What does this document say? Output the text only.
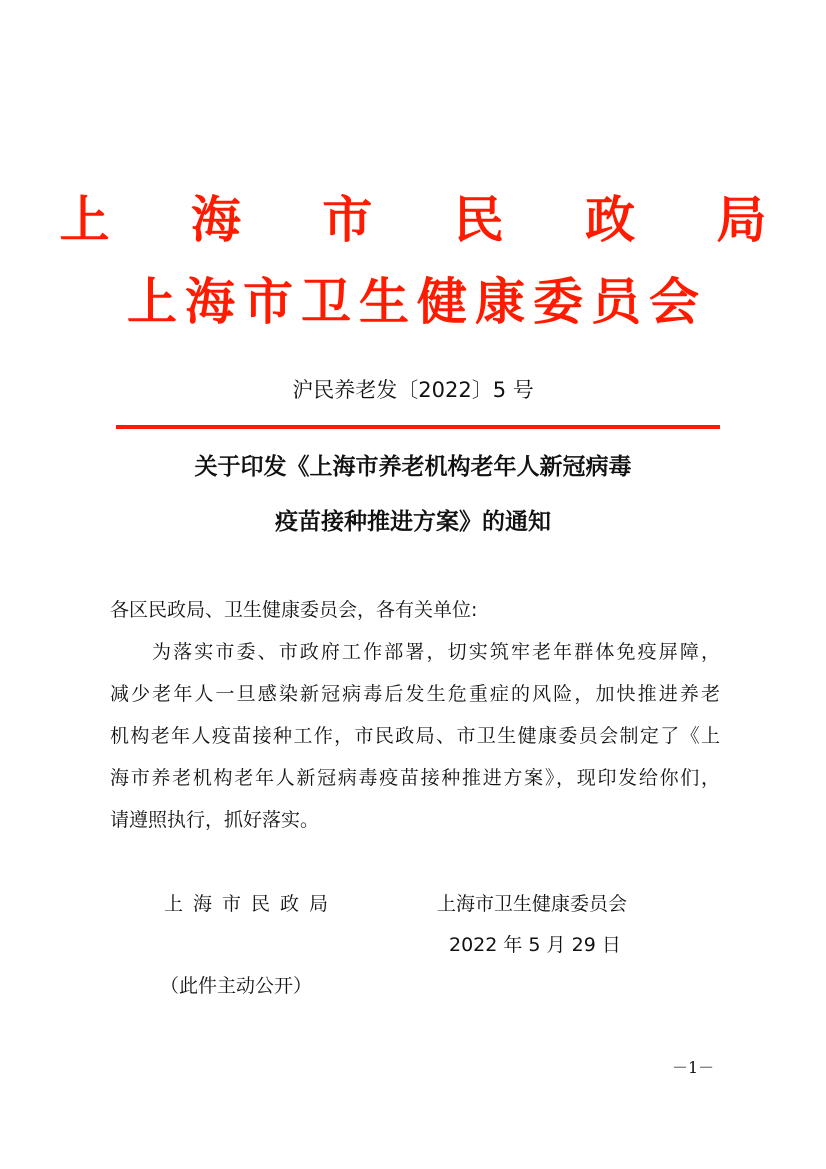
上 海 市 民 政 局
上海市卫生健康委员会
沪民养老发〔2022〕5 号
关于印发《上海市养老机构老年人新冠病毒
疫苗接种推进方案》的通知
各区民政局、卫生健康委员会，各有关单位:
为落实市委、市政府工作部署，切实筑牢老年群体免疫屏障，
减少老年人一旦感染新冠病毒后发生危重症的风险，加快推进养老
机构老年人疫苗接种工作，市民政局、市卫生健康委员会制定了《上
海市养老机构老年人新冠病毒疫苗接种推进方案》，现印发给你们，
请遵照执行，抓好落实。
上海市民政局	上海市卫生健康委员会
2022 年 5 月 29 日
（此件主动公开）
－1－
